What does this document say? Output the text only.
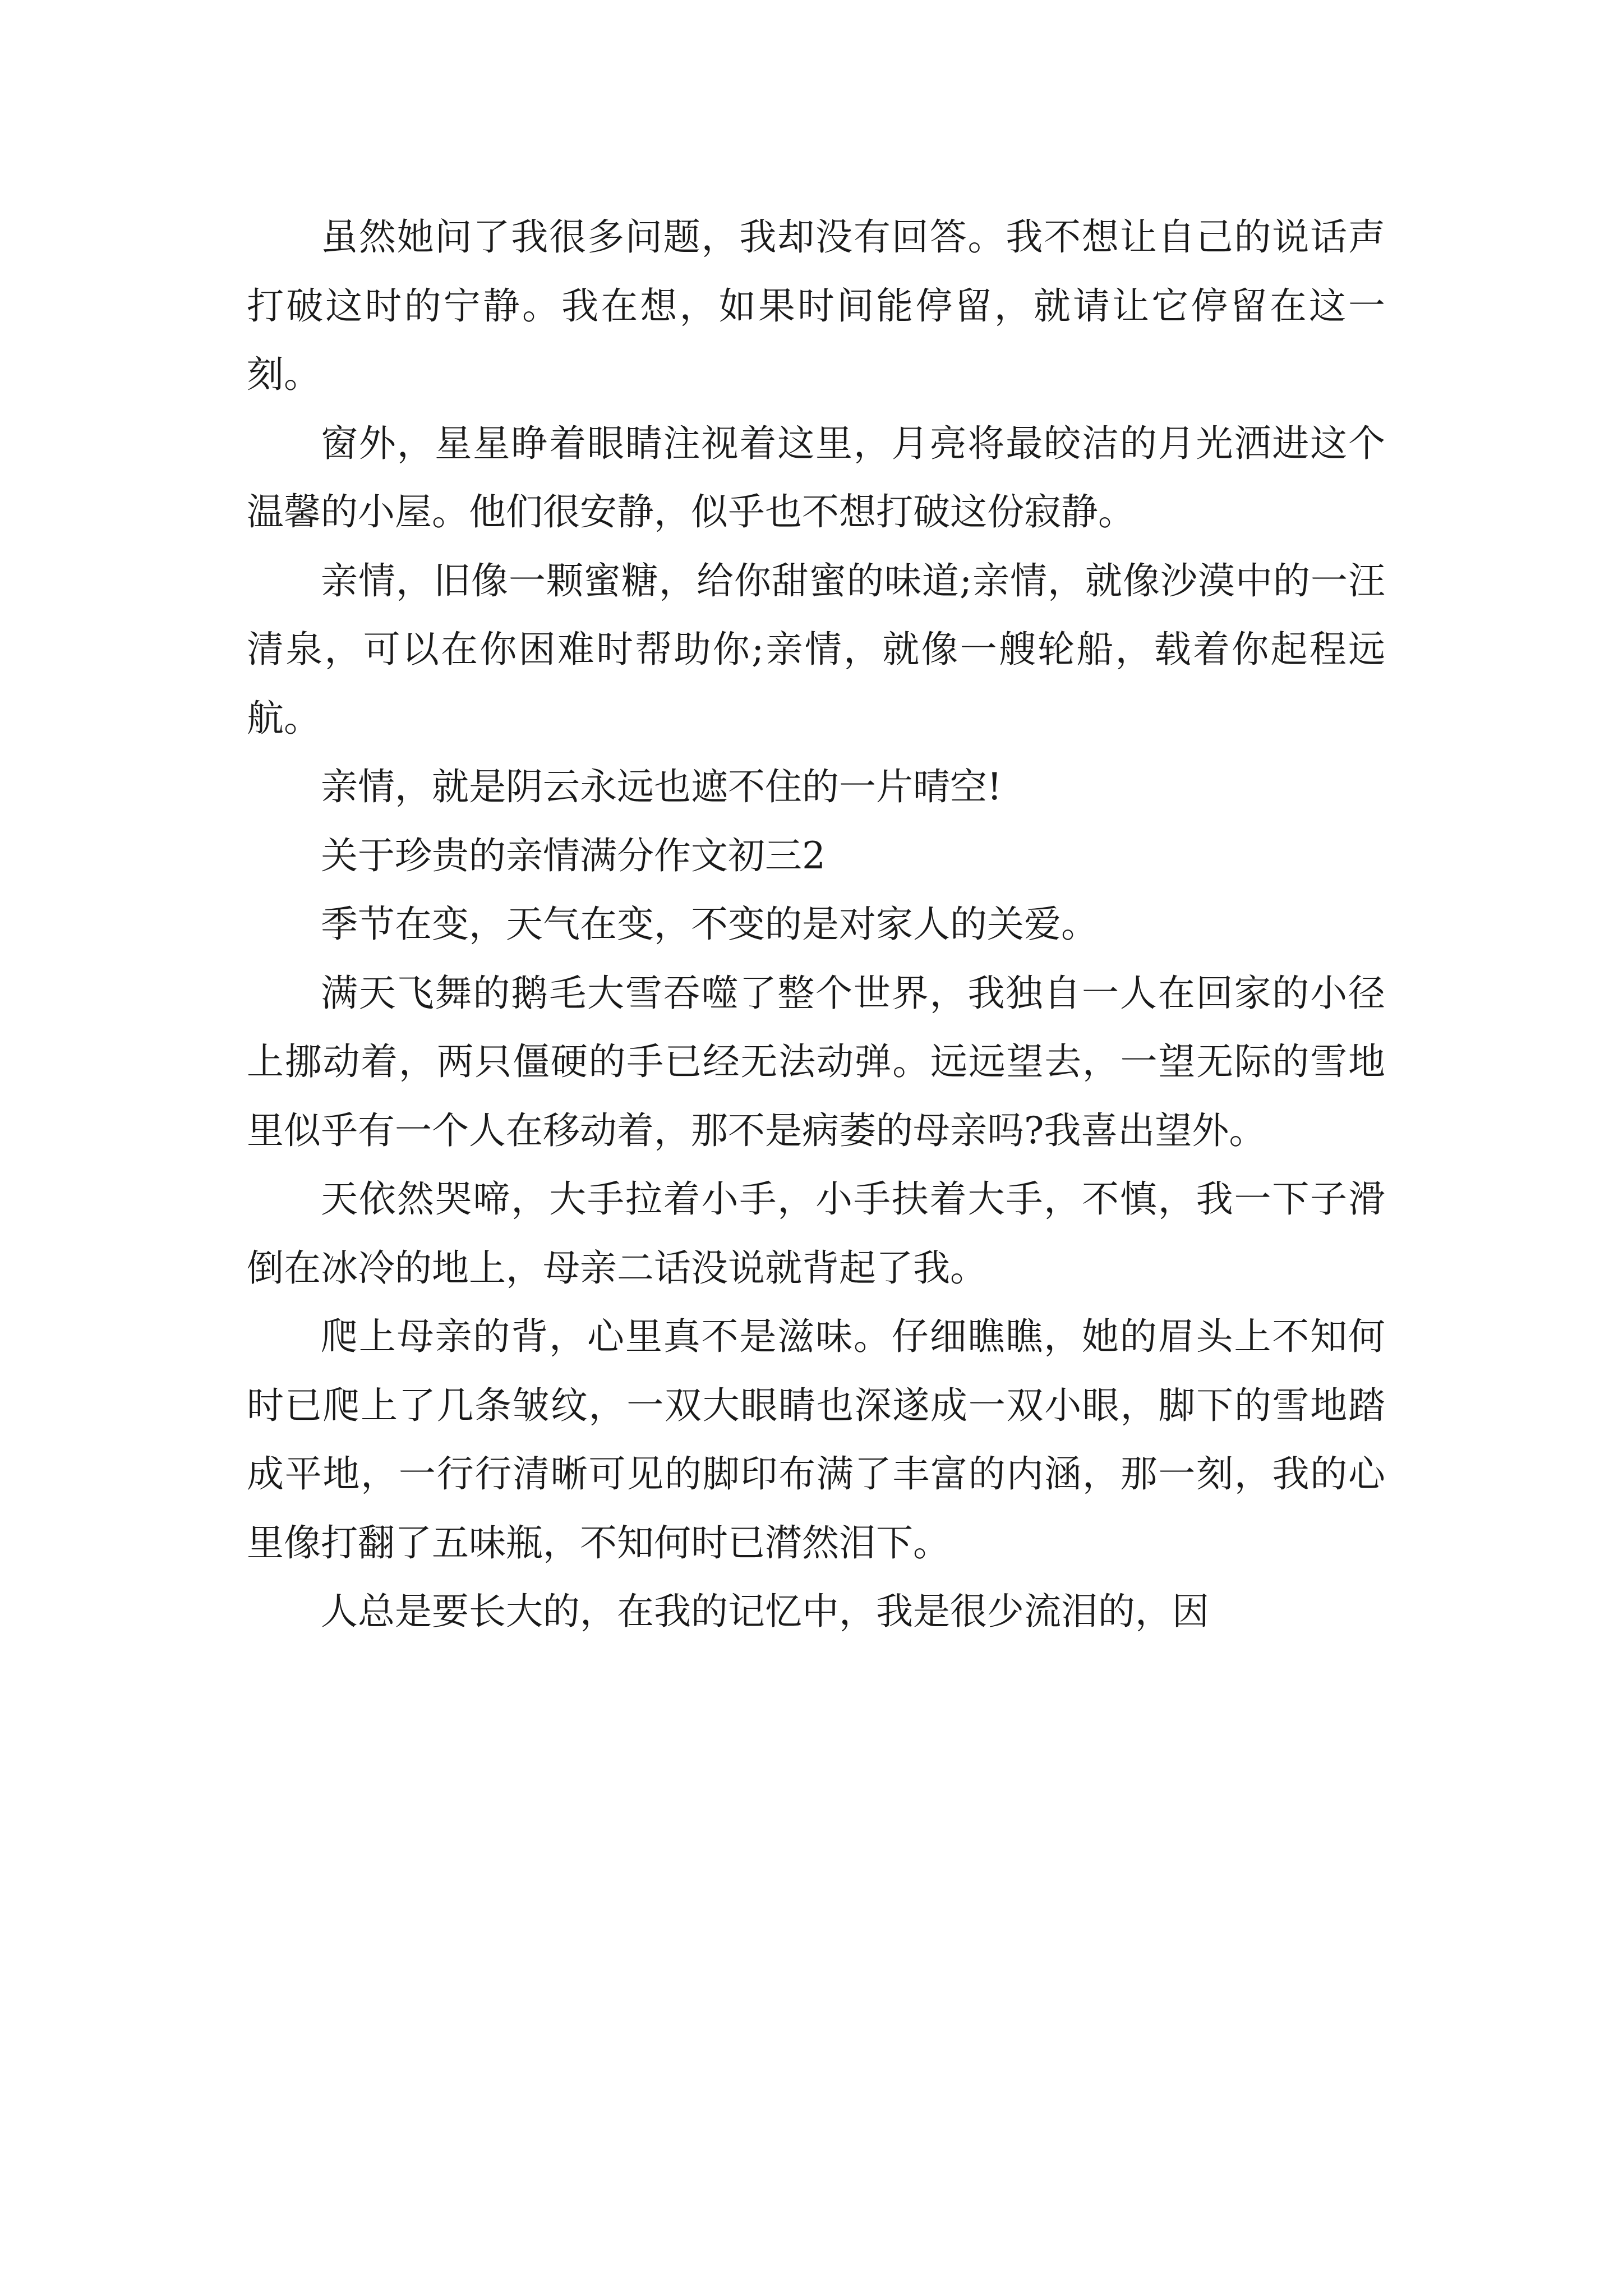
虽然她问了我很多问题，我却没有回答。我不想让自己的说话声打破这时的宁静。我在想，如果时间能停留，就请让它停留在这一刻。

窗外，星星睁着眼睛注视着这里，月亮将最皎洁的月光洒进这个温馨的小屋。他们很安静，似乎也不想打破这份寂静。

亲情，旧像一颗蜜糖，给你甜蜜的味道;亲情，就像沙漠中的一汪清泉，可以在你困难时帮助你;亲情，就像一艘轮船，载着你起程远航。

亲情，就是阴云永远也遮不住的一片晴空!

关于珍贵的亲情满分作文初三2

季节在变，天气在变，不变的是对家人的关爱。

满天飞舞的鹅毛大雪吞噬了整个世界，我独自一人在回家的小径上挪动着，两只僵硬的手已经无法动弹。远远望去，一望无际的雪地里似乎有一个人在移动着，那不是病萎的母亲吗?我喜出望外。

天依然哭啼，大手拉着小手，小手扶着大手，不慎，我一下子滑倒在冰冷的地上，母亲二话没说就背起了我。

爬上母亲的背，心里真不是滋味。仔细瞧瞧，她的眉头上不知何时已爬上了几条皱纹，一双大眼睛也深遂成一双小眼，脚下的雪地踏成平地，一行行清晰可见的脚印布满了丰富的内涵，那一刻，我的心里像打翻了五味瓶，不知何时已潸然泪下。

人总是要长大的，在我的记忆中，我是很少流泪的，因
